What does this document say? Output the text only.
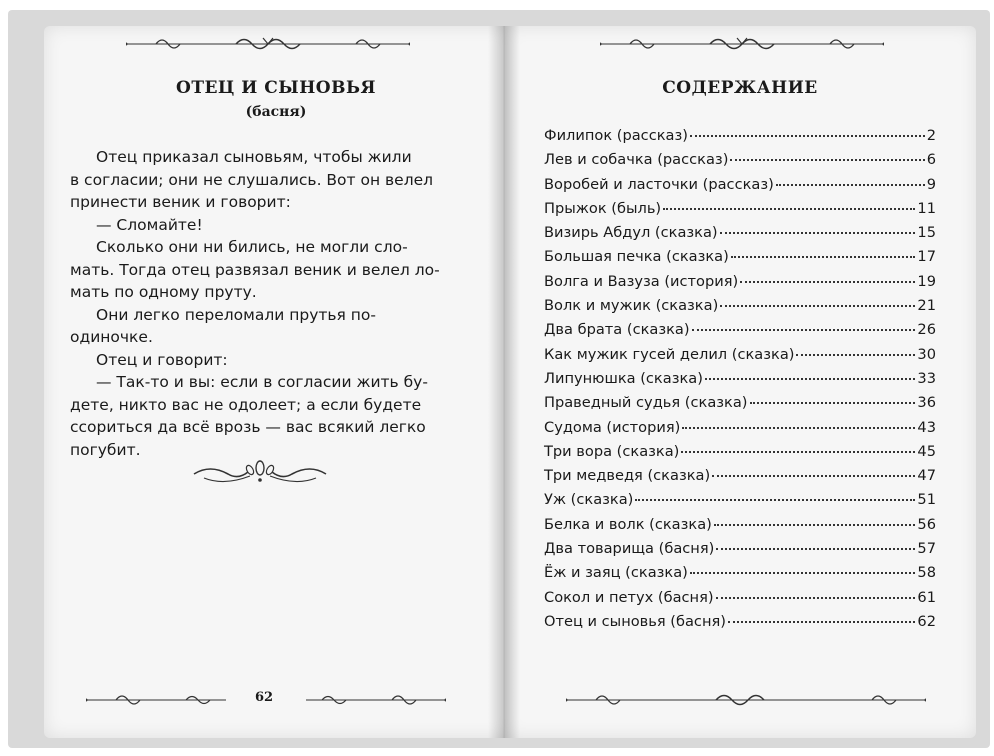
ОТЕЦ И СЫНОВЬЯ
(басня)

Отец приказал сыновьям, чтобы жили

в согласии; они не слушались. Вот он велел

принести веник и говорит:

— Сломайте!

Сколько они ни бились, не могли сло-

мать. Тогда отец развязал веник и велел ло-

мать по одному пруту.

Они легко переломали прутья по-

одиночке.

Отец и говорит:

— Так-то и вы: если в согласии жить бу-

дете, никто вас не одолеет; а если будете

ссориться да всё врозь — вас всякий легко

погубит.

62
СОДЕРЖАНИЕ
Филипок (рассказ)	2
Лев и собачка (рассказ)	6
Воробей и ласточки (рассказ)	9
Прыжок (быль)	11
Визирь Абдул (сказка)	15
Большая печка (сказка)	17
Волга и Вазуза (история)	19
Волк и мужик (сказка)	21
Два брата (сказка)	26
Как мужик гусей делил (сказка)	30
Липунюшка (сказка)	33
Праведный судья (сказка)	36
Судома (история)	43
Три вора (сказка)	45
Три медведя (сказка)	47
Уж (сказка)	51
Белка и волк (сказка)	56
Два товарища (басня)	57
Ёж и заяц (сказка)	58
Сокол и петух (басня)	61
Отец и сыновья (басня)	62
